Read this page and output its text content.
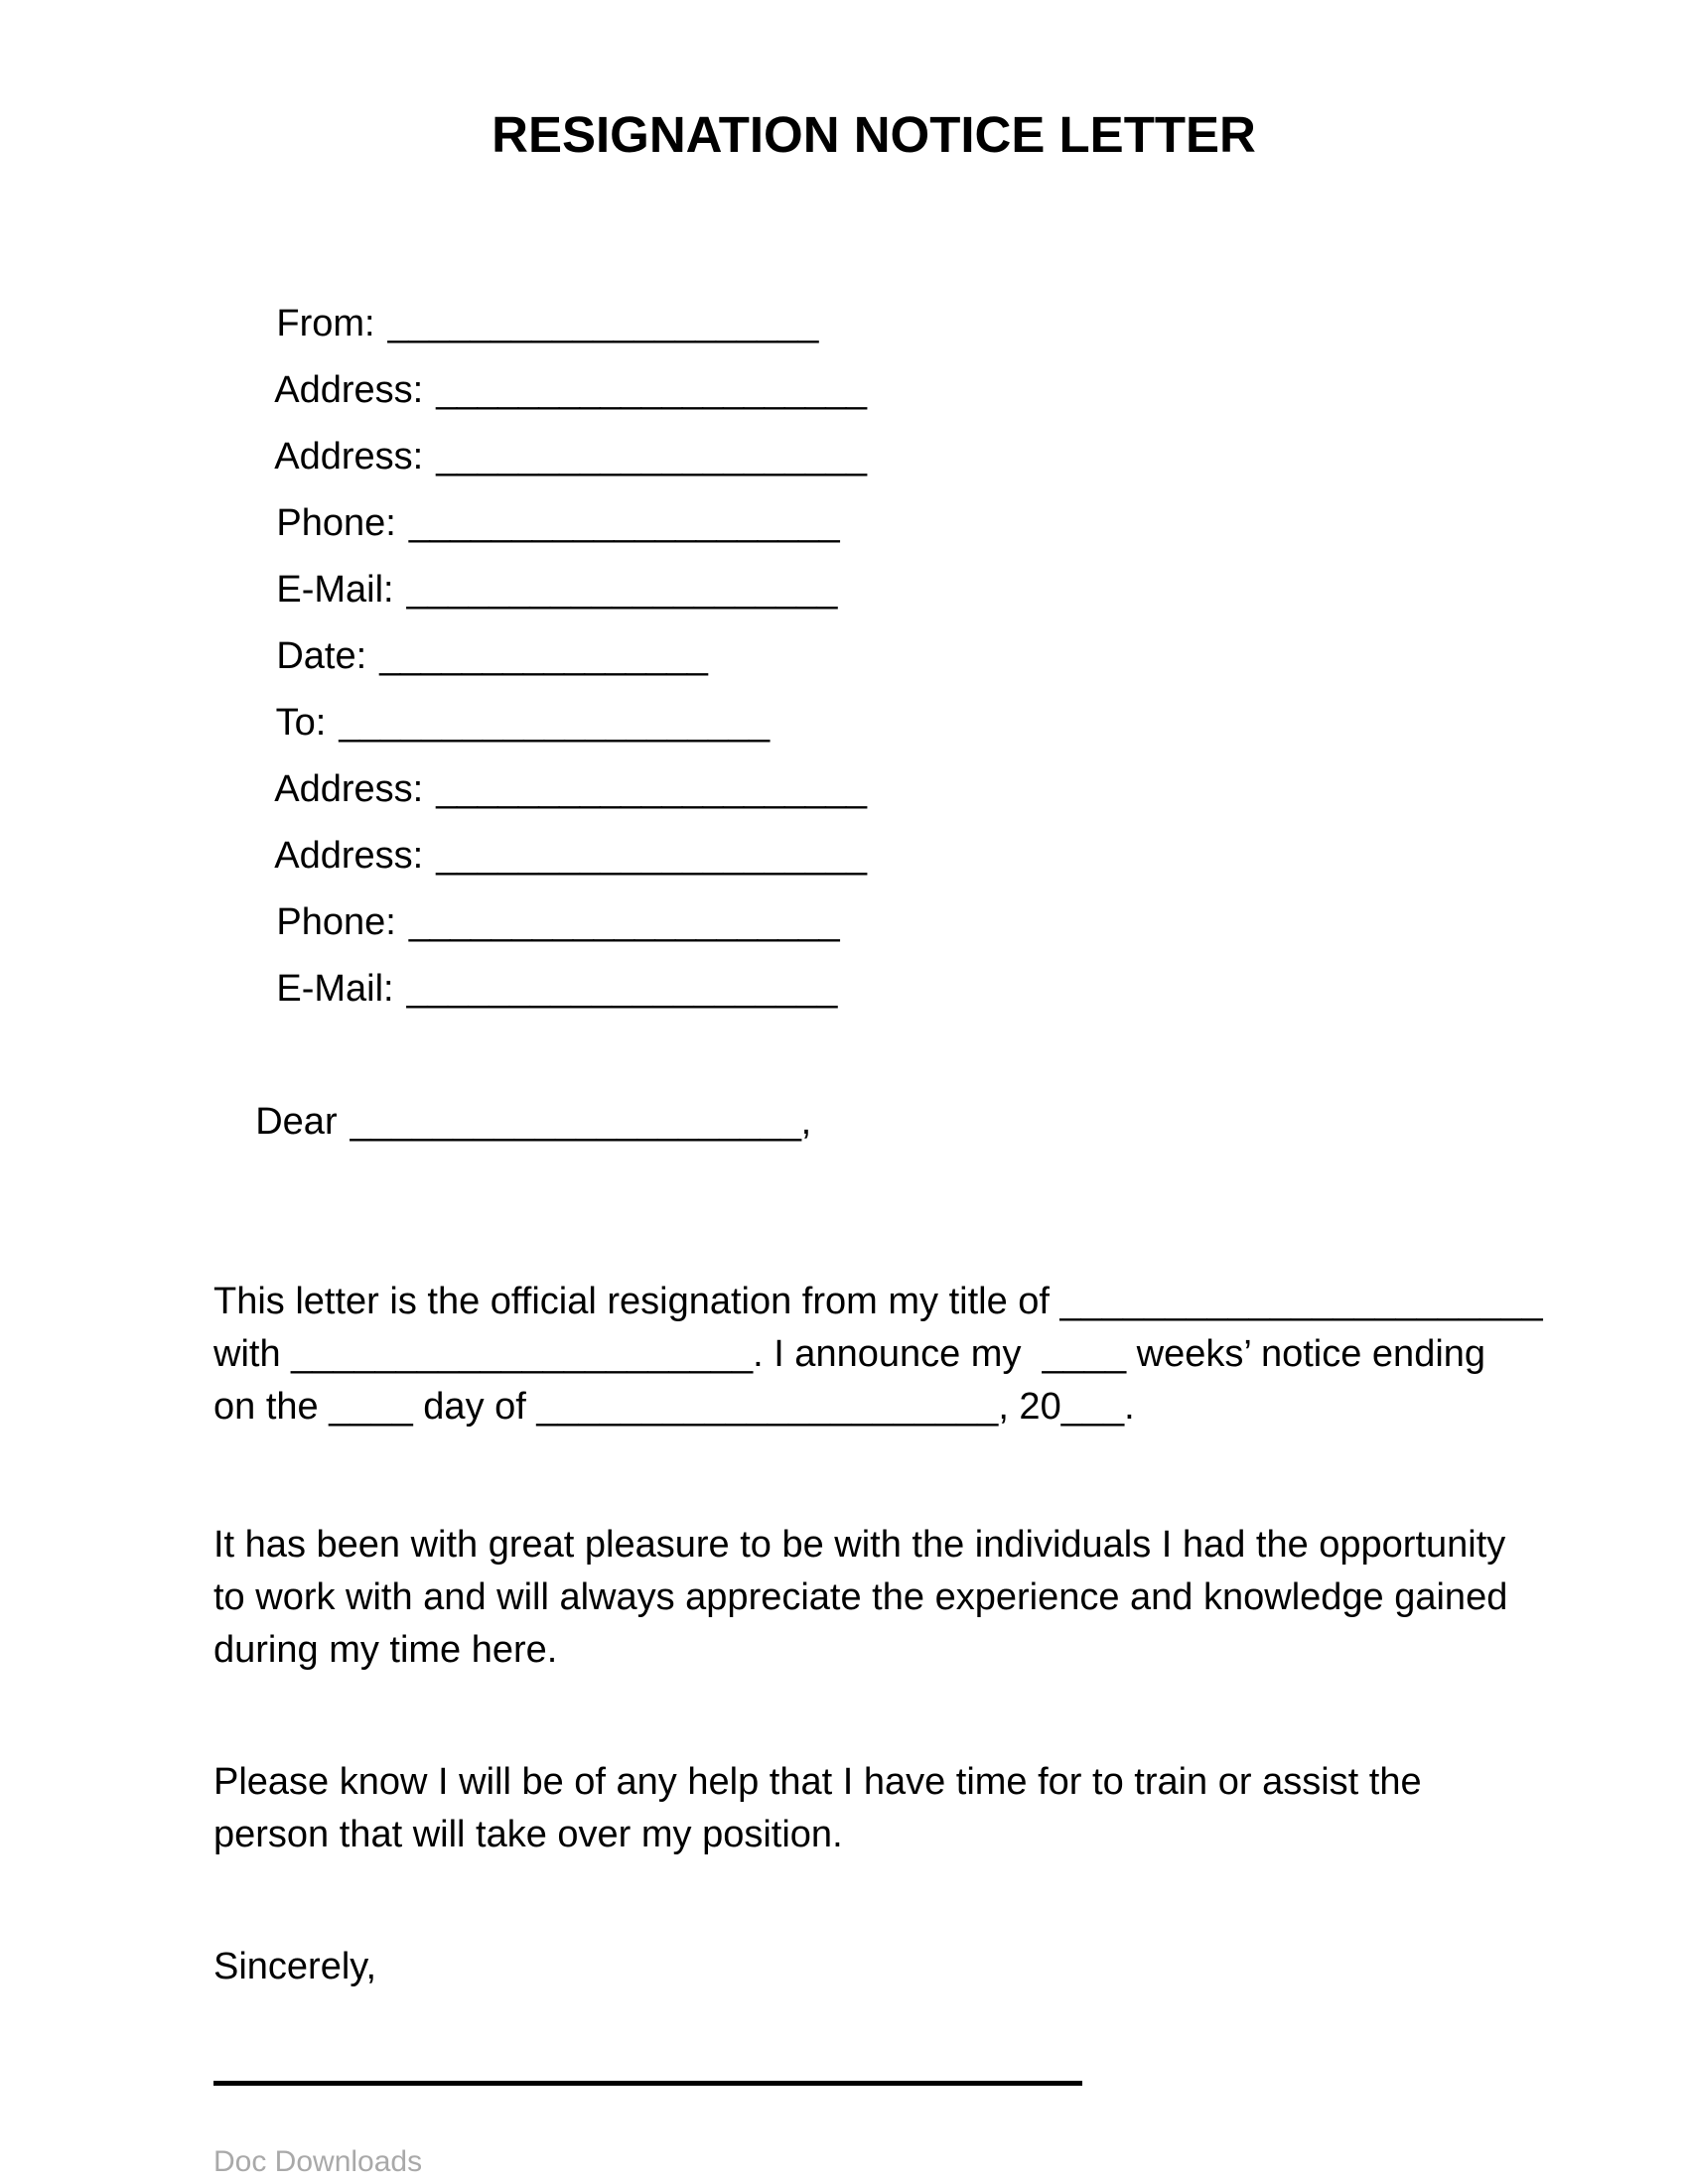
RESIGNATION NOTICE LETTER

From: _____________________

Address: _____________________

Address: _____________________

Phone: _____________________

E-Mail: _____________________

Date: ________________

To: _____________________

Address: _____________________

Address: _____________________

Phone: _____________________

E-Mail: _____________________

Dear ______________________,

This letter is the official resignation from my title of _______________________
with ______________________. I announce my  ____ weeks’ notice ending
on the ____ day of ______________________, 20___.
It has been with great pleasure to be with the individuals I had the opportunity
to work with and will always appreciate the experience and knowledge gained
during my time here.
Please know I will be of any help that I have time for to train or assist the
person that will take over my position.
Sincerely,
Doc Downloads
